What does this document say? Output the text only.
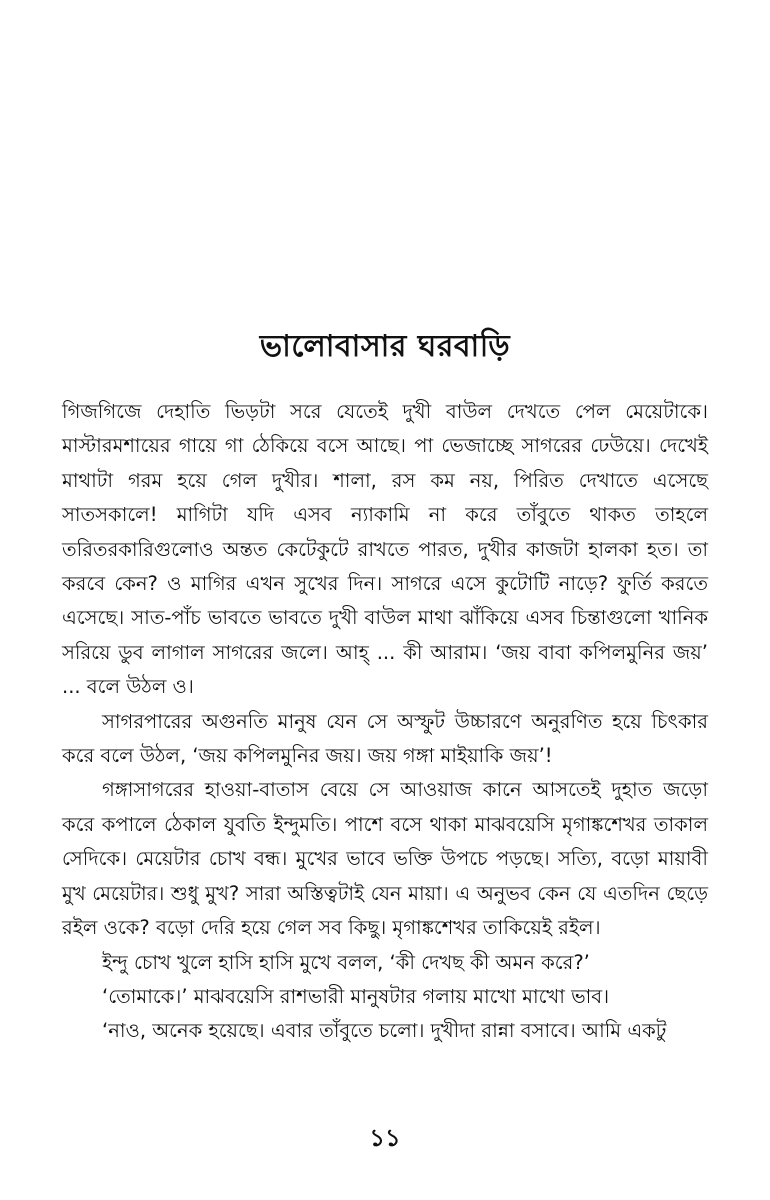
ভালোবাসার ঘরবাড়ি

গিজগিজে দেহাতি ভিড়টা সরে যেতেই দুখী বাউল দেখতে পেল মেয়েটাকে। মাস্টারমশায়ের গায়ে গা ঠেকিয়ে বসে আছে। পা ভেজাচ্ছে সাগরের ঢেউয়ে। দেখেই মাথাটা গরম হয়ে গেল দুখীর। শালা, রস কম নয়, পিরিত দেখাতে এসেছে সাতসকালে! মাগিটা যদি এসব ন্যাকামি না করে তাঁবুতে থাকত তাহলে তরিতরকারিগুলোও অন্তত কেটেকুটে রাখতে পারত, দুখীর কাজটা হালকা হত। তা করবে কেন? ও মাগির এখন সুখের দিন। সাগরে এসে কুটোটি নাড়ে? ফুর্তি করতে এসেছে। সাত-পাঁচ ভাবতে ভাবতে দুখী বাউল মাথা ঝাঁকিয়ে এসব চিন্তাগুলো খানিক সরিয়ে ডুব লাগাল সাগরের জলে। আহ্ ... কী আরাম। ‘জয় বাবা কপিলমুনির জয়’ ... বলে উঠল ও।

সাগরপারের অগুনতি মানুষ যেন সে অস্ফুট উচ্চারণে অনুরণিত হয়ে চিৎকার করে বলে উঠল, ‘জয় কপিলমুনির জয়। জয় গঙ্গা মাইয়াকি জয়’!

গঙ্গাসাগরের হাওয়া-বাতাস বেয়ে সে আওয়াজ কানে আসতেই দুহাত জড়ো করে কপালে ঠেকাল যুবতি ইন্দুমতি। পাশে বসে থাকা মাঝবয়েসি মৃগাঙ্কশেখর তাকাল সেদিকে। মেয়েটার চোখ বন্ধ। মুখের ভাবে ভক্তি উপচে পড়ছে। সত্যি, বড়ো মায়াবী মুখ মেয়েটার। শুধু মুখ? সারা অস্তিত্বটাই যেন মায়া। এ অনুভব কেন যে এতদিন ছেড়ে রইল ওকে? বড়ো দেরি হয়ে গেল সব কিছু। মৃগাঙ্কশেখর তাকিয়েই রইল।

ইন্দু চোখ খুলে হাসি হাসি মুখে বলল, ‘কী দেখছ কী অমন করে?’

‘তোমাকে।’ মাঝবয়েসি রাশভারী মানুষটার গলায় মাখো মাখো ভাব।

‘নাও, অনেক হয়েছে। এবার তাঁবুতে চলো। দুখীদা রান্না বসাবে। আমি একটু

১১
